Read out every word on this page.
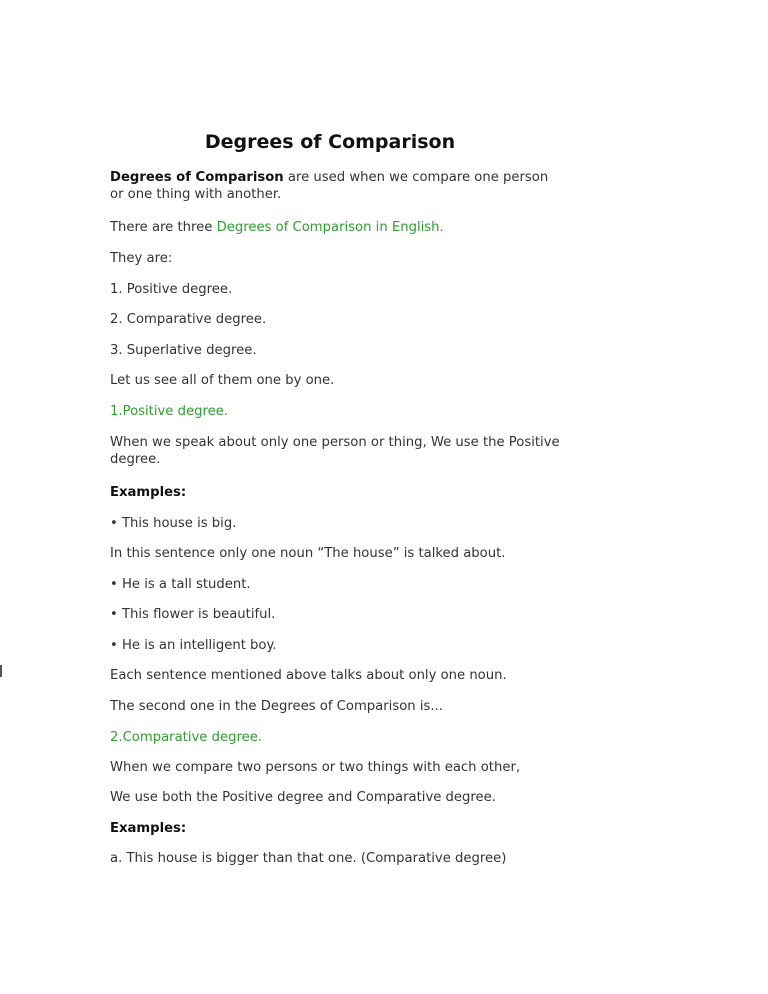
Degrees of Comparison

Degrees of Comparison are used when we compare one person or one thing with another.

There are three Degrees of Comparison in English.

They are:

1. Positive degree.

2. Comparative degree.

3. Superlative degree.

Let us see all of them one by one.

1.Positive degree.

When we speak about only one person or thing, We use the Positive degree.

Examples:

• This house is big.

In this sentence only one noun “The house” is talked about.

• He is a tall student.

• This flower is beautiful.

• He is an intelligent boy.

Each sentence mentioned above talks about only one noun.

The second one in the Degrees of Comparison is...

2.Comparative degree.

When we compare two persons or two things with each other,

We use both the Positive degree and Comparative degree.

Examples:

a. This house is bigger than that one. (Comparative degree)
